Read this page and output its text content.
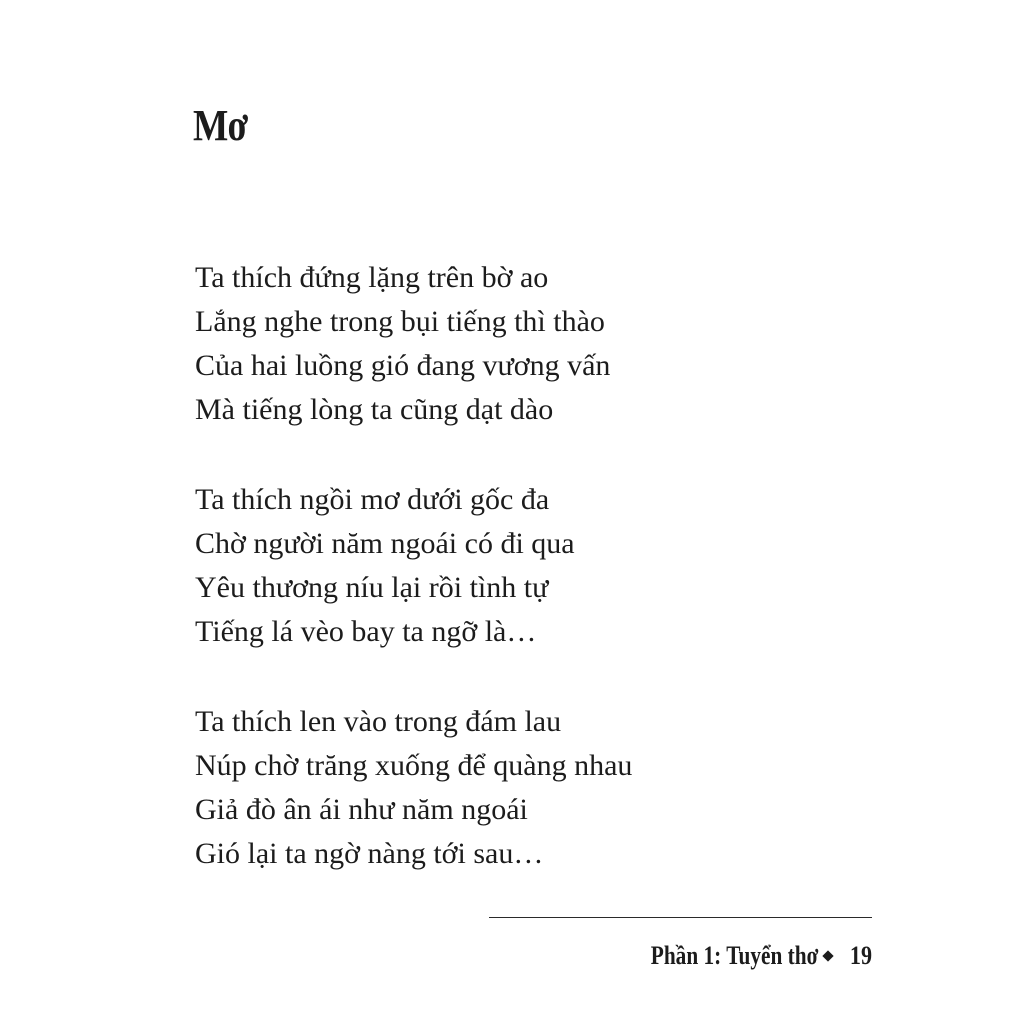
Mơ

Ta thích đứng lặng trên bờ ao
Lắng nghe trong bụi tiếng thì thào
Của hai luồng gió đang vương vấn
Mà tiếng lòng ta cũng dạt dào

Ta thích ngồi mơ dưới gốc đa
Chờ người năm ngoái có đi qua
Yêu thương níu lại rồi tình tự
Tiếng lá vèo bay ta ngỡ là…

Ta thích len vào trong đám lau
Núp chờ trăng xuống để quàng nhau
Giả đò ân ái như năm ngoái
Gió lại ta ngờ nàng tới sau…

Phần 1: Tuyển thơ 19
